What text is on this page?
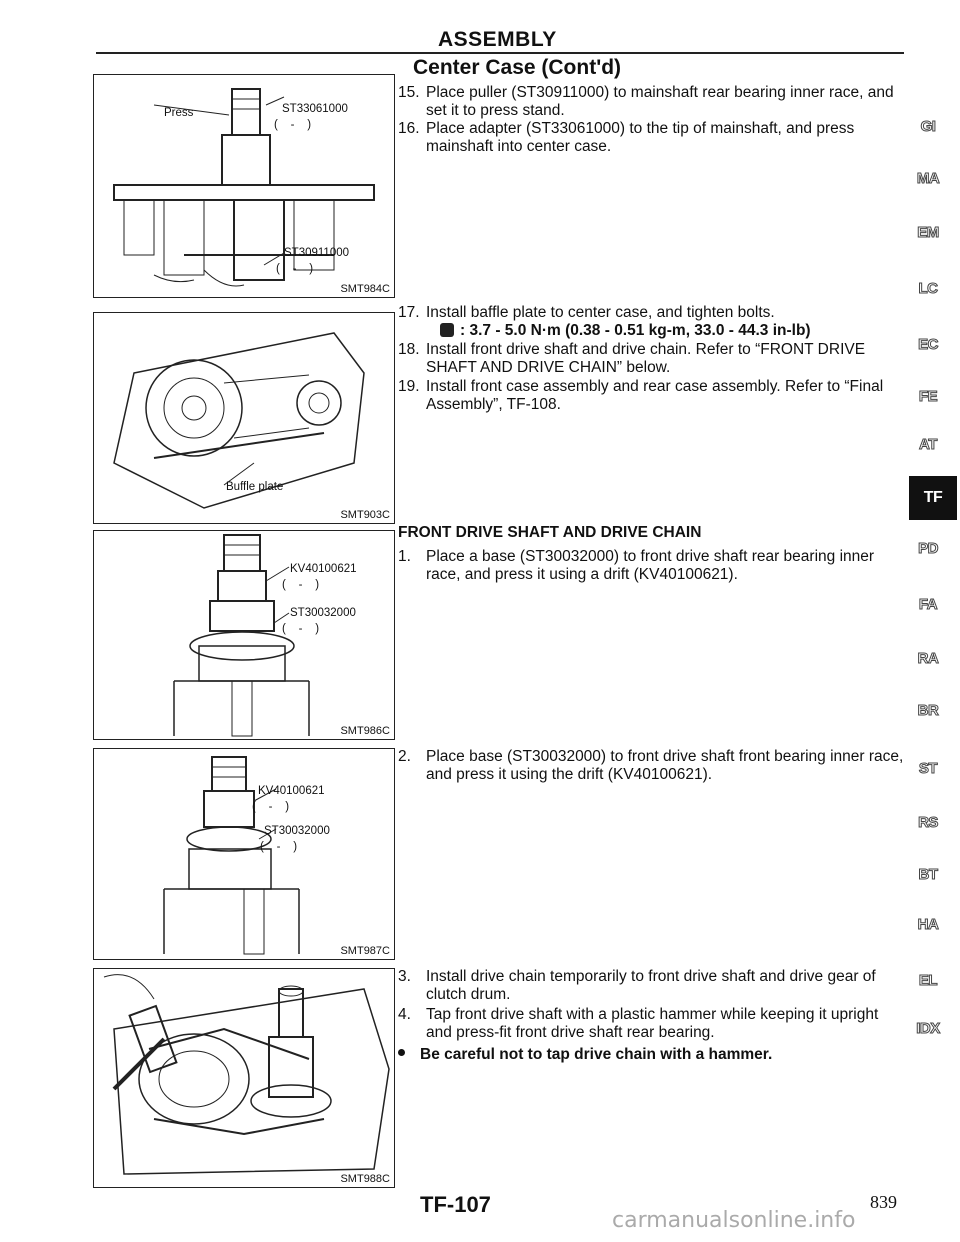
ASSEMBLY
Center Case (Cont'd)
Press	ST33061000
(    -    )
ST30911000
(    -    )
SMT984C
Buffle plate
SMT903C
KV40100621
(    -    )
ST30032000
(    -    )
SMT986C
KV40100621
(    -    )
ST30032000
(    -    )
SMT987C
SMT988C
15. Place puller (ST30911000) to mainshaft rear bearing inner race, and set it to press stand.
16. Place adapter (ST33061000) to the tip of mainshaft, and press mainshaft into center case.
17. Install baffle plate to center case, and tighten bolts.
: 3.7 - 5.0 N·m (0.38 - 0.51 kg-m, 33.0 - 44.3 in-lb)
18. Install front drive shaft and drive chain. Refer to “FRONT DRIVE SHAFT AND DRIVE CHAIN” below.
19. Install front case assembly and rear case assembly. Refer to “Final Assembly”, TF-108.
FRONT DRIVE SHAFT AND DRIVE CHAIN
1. Place a base (ST30032000) to front drive shaft rear bearing inner race, and press it using a drift (KV40100621).
2. Place base (ST30032000) to front drive shaft front bearing inner race, and press it using the drift (KV40100621).
3. Install drive chain temporarily to front drive shaft and drive gear of clutch drum.
4. Tap front drive shaft with a plastic hammer while keeping it upright and press-fit front drive shaft rear bearing.
Be careful not to tap drive chain with a hammer.
GI
MA
EM
LC
EC
FE
AT
TF
PD
FA
RA
BR
ST
RS
BT
HA
EL
IDX
TF-107	839
carmanualsonline.info
